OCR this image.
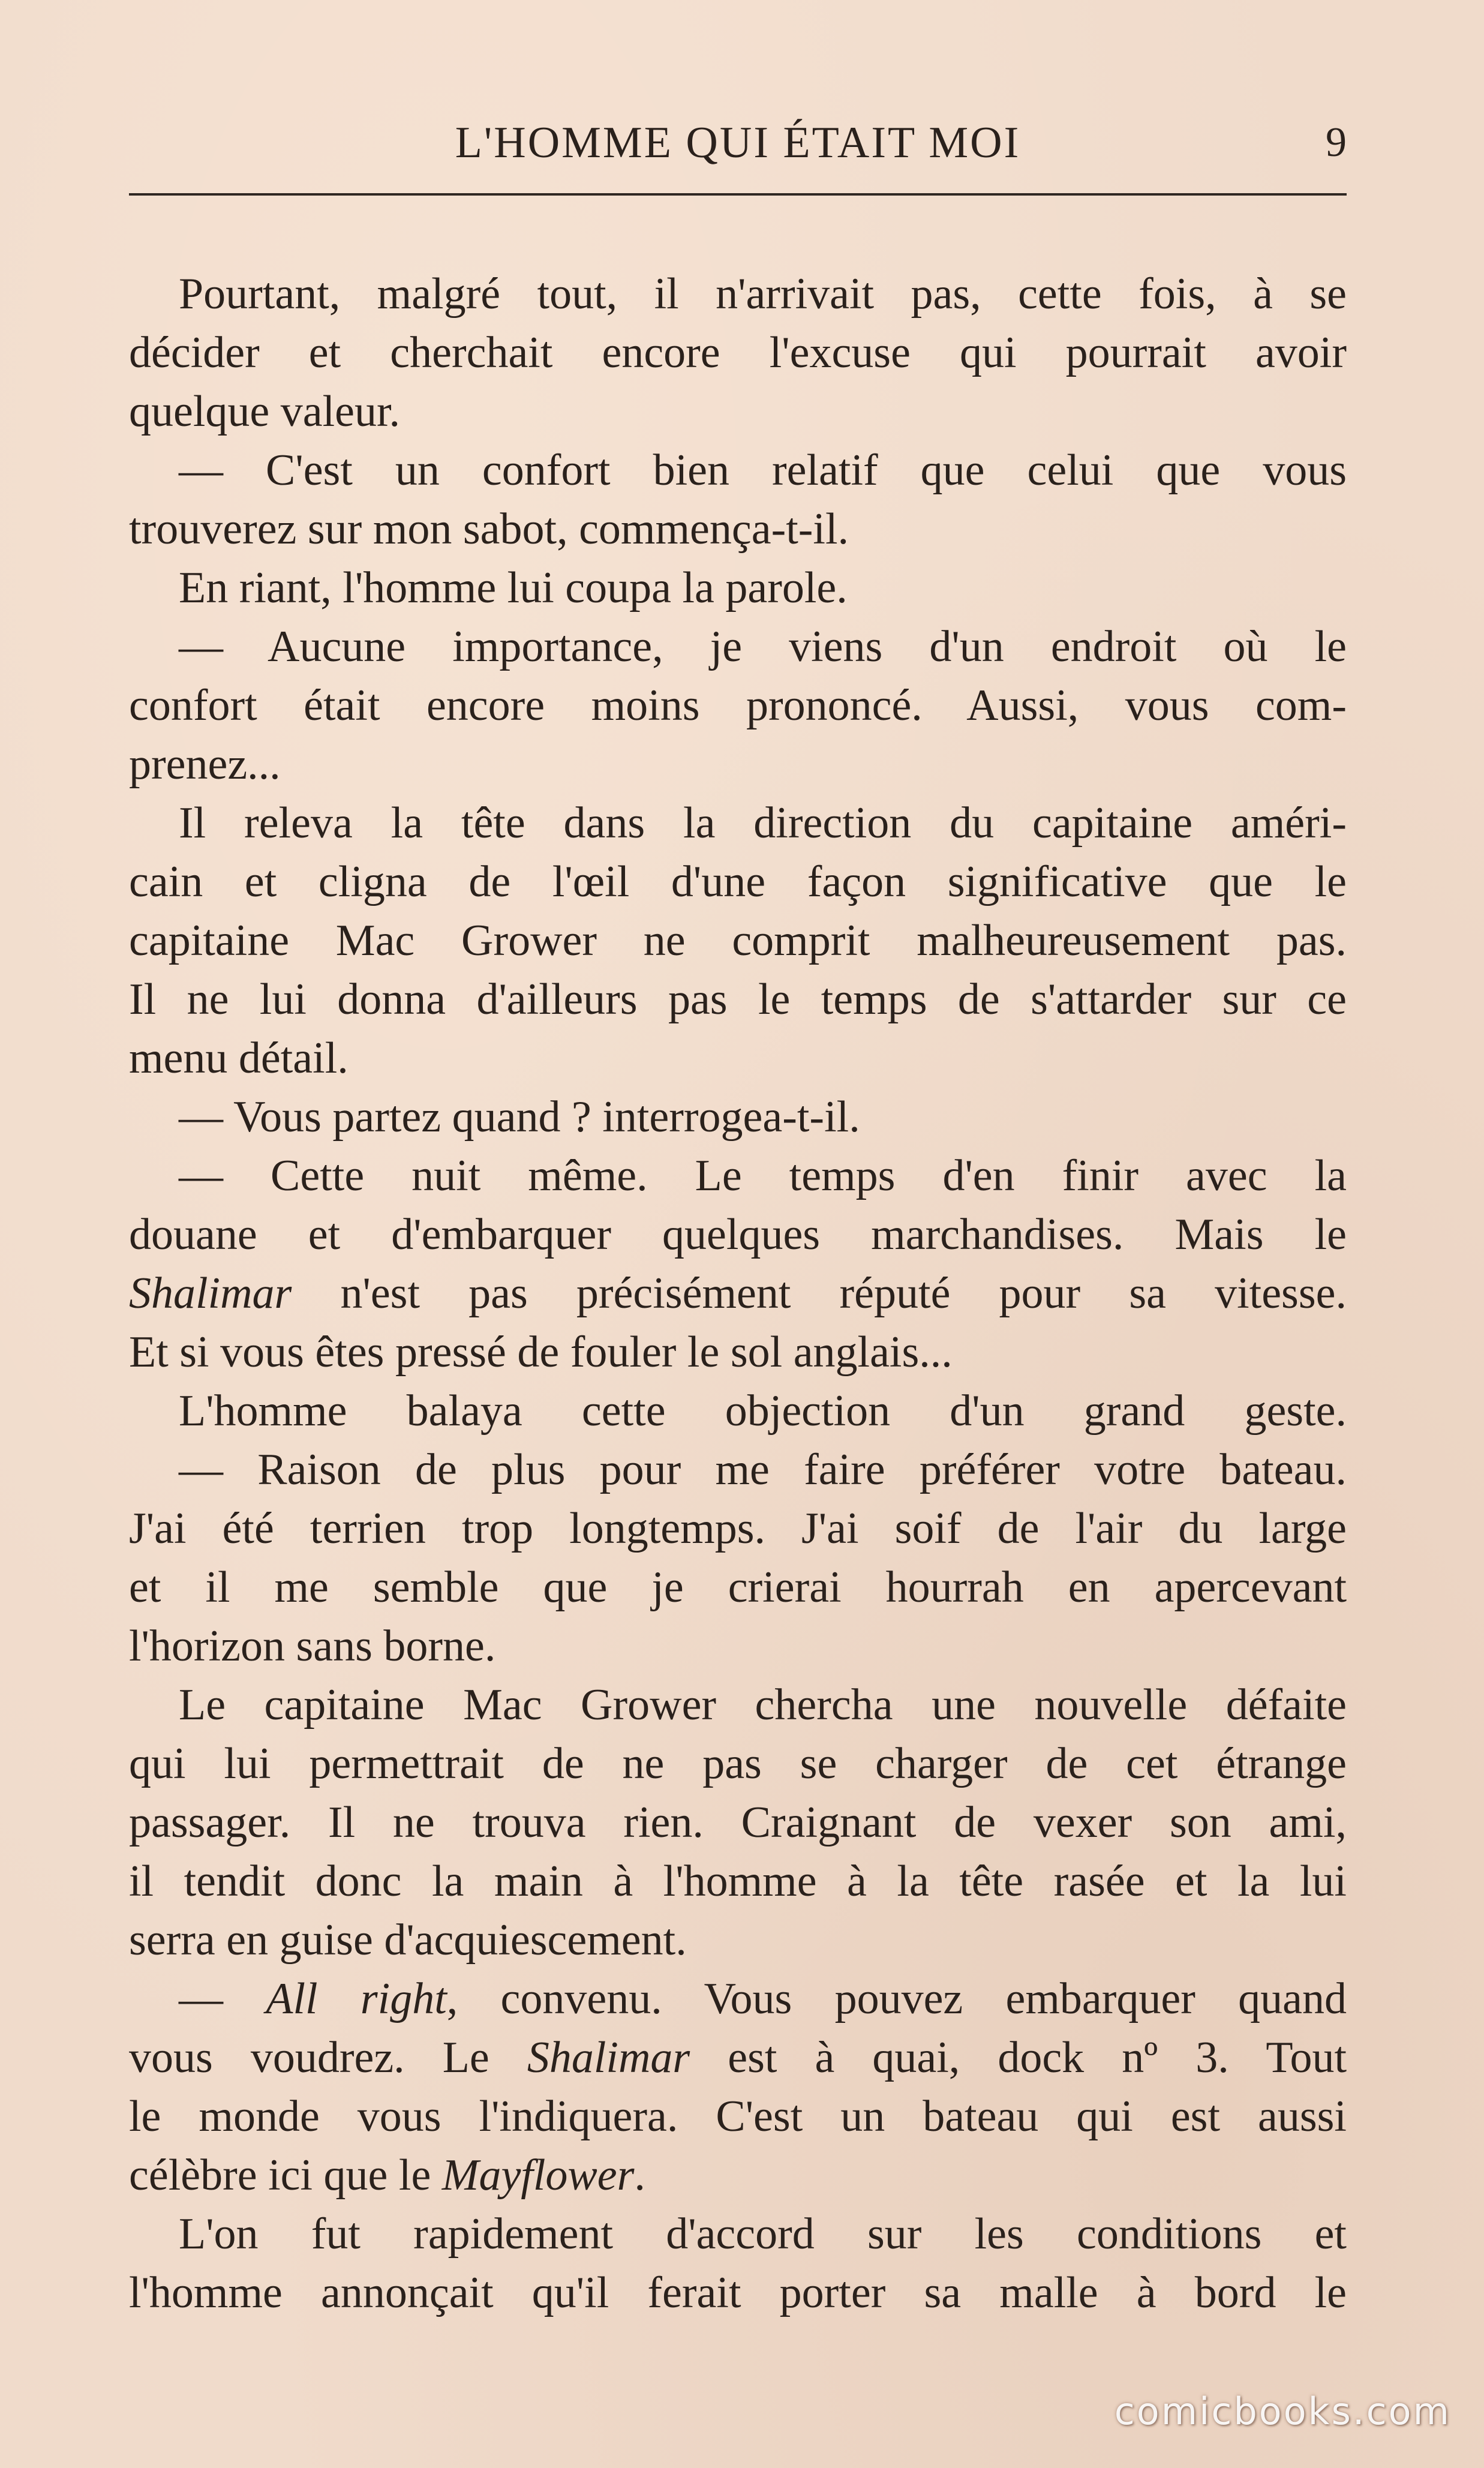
L'HOMME QUI ÉTAIT MOI	9
Pourtant, malgré tout, il n'arrivait pas, cette fois, à se
décider et cherchait encore l'excuse qui pourrait avoir
quelque valeur.
— C'est un confort bien relatif que celui que vous
trouverez sur mon sabot, commença-t-il.
En riant, l'homme lui coupa la parole.
— Aucune importance, je viens d'un endroit où le
confort était encore moins prononcé. Aussi, vous com-
prenez...
Il releva la tête dans la direction du capitaine améri-
cain et cligna de l'œil d'une façon significative que le
capitaine Mac Grower ne comprit malheureusement pas.
Il ne lui donna d'ailleurs pas le temps de s'attarder sur ce
menu détail.
— Vous partez quand ? interrogea-t-il.
— Cette nuit même. Le temps d'en finir avec la
douane et d'embarquer quelques marchandises. Mais le
Shalimar n'est pas précisément réputé pour sa vitesse.
Et si vous êtes pressé de fouler le sol anglais...
L'homme balaya cette objection d'un grand geste.
— Raison de plus pour me faire préférer votre bateau.
J'ai été terrien trop longtemps. J'ai soif de l'air du large
et il me semble que je crierai hourrah en apercevant
l'horizon sans borne.
Le capitaine Mac Grower chercha une nouvelle défaite
qui lui permettrait de ne pas se charger de cet étrange
passager. Il ne trouva rien. Craignant de vexer son ami,
il tendit donc la main à l'homme à la tête rasée et la lui
serra en guise d'acquiescement.
— All right, convenu. Vous pouvez embarquer quand
vous voudrez. Le Shalimar est à quai, dock nº 3. Tout
le monde vous l'indiquera. C'est un bateau qui est aussi
célèbre ici que le Mayflower.
L'on fut rapidement d'accord sur les conditions et
l'homme annonçait qu'il ferait porter sa malle à bord le
comicbooks.com
